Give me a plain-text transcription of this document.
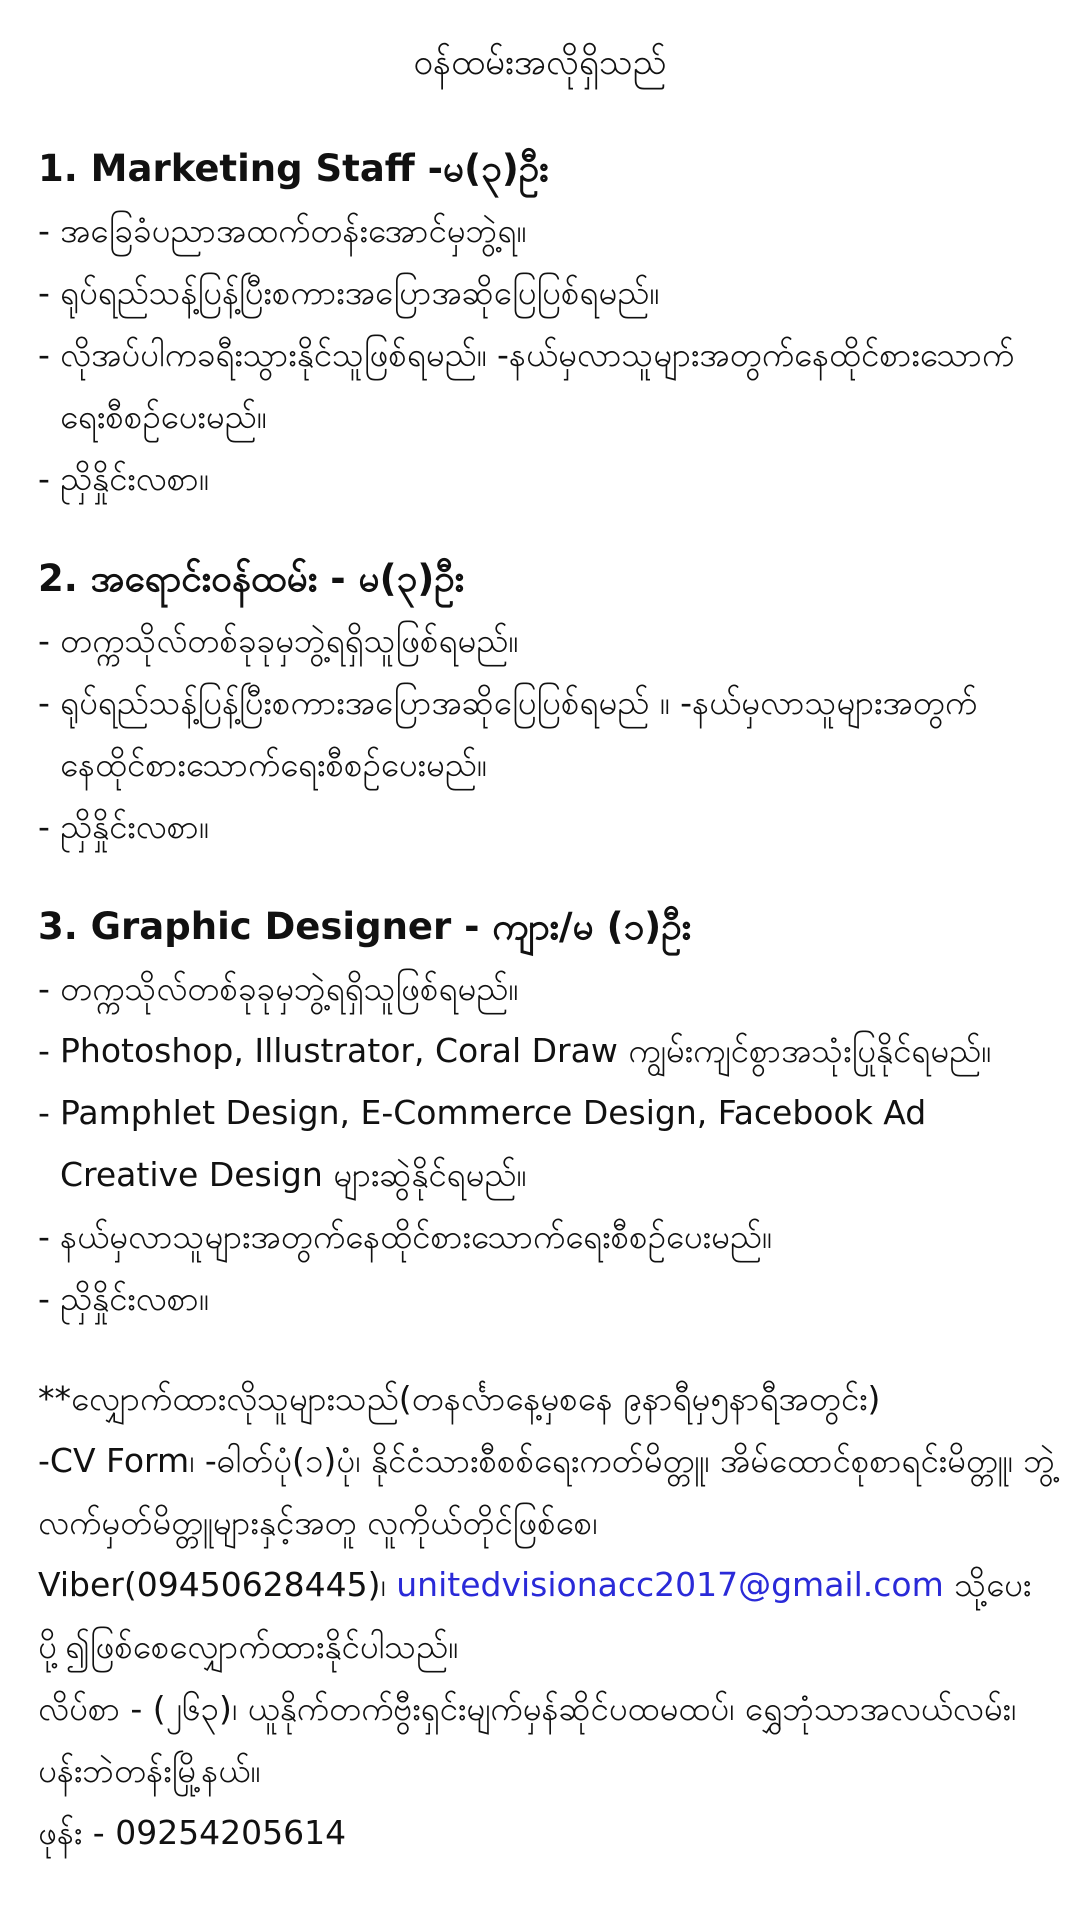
ဝန်ထမ်းအလိုရှိသည်
1. Marketing Staff -မ(၃)ဦး
- အခြေခံပညာအထက်တန်းအောင်မှဘွဲ့ရ။
- ရုပ်ရည်သန့်ပြန့်ပြီးစကားအပြောအဆိုပြေပြစ်ရမည်။
- လိုအပ်ပါကခရီးသွားနိုင်သူဖြစ်ရမည်။ -နယ်မှလာသူများအတွက်နေထိုင်စားသောက်ရေးစီစဉ်ပေးမည်။
- ညှိနှိုင်းလစာ။
2. အရောင်းဝန်ထမ်း - မ(၃)ဦး
- တက္ကသိုလ်တစ်ခုခုမှဘွဲ့ရရှိသူဖြစ်ရမည်။
- ရုပ်ရည်သန့်ပြန့်ပြီးစကားအပြောအဆိုပြေပြစ်ရမည် ။ -နယ်မှလာသူများအတွက်နေထိုင်စားသောက်ရေးစီစဉ်ပေးမည်။
- ညှိနှိုင်းလစာ။
3. Graphic Designer - ကျား/မ (၁)ဦး
- တက္ကသိုလ်တစ်ခုခုမှဘွဲ့ရရှိသူဖြစ်ရမည်။
- Photoshop, Illustrator, Coral Draw ကျွမ်းကျင်စွာအသုံးပြုနိုင်ရမည်။
- Pamphlet Design, E-Commerce Design, Facebook Ad Creative Design များဆွဲနိုင်ရမည်။
- နယ်မှလာသူများအတွက်နေထိုင်စားသောက်ရေးစီစဉ်ပေးမည်။
- ညှိနှိုင်းလစာ။

**လျှောက်ထားလိုသူများသည်(တနင်္လာနေ့မှစနေ ၉နာရီမှ၅နာရီအတွင်း)

-CV Form၊ -ဓါတ်ပုံ(၁)ပုံ၊ နိုင်ငံသားစီစစ်ရေးကတ်မိတ္တူ၊ အိမ်ထောင်စုစာရင်းမိတ္တူ၊ ဘွဲ့လက်မှတ်မိတ္တူများနှင့်အတူ လူကိုယ်တိုင်ဖြစ်စေ၊

Viber(09450628445)၊ unitedvisionacc2017@gmail.com သို့ပေးပို့၍ဖြစ်စေလျှောက်ထားနိုင်ပါသည်။

လိပ်စာ - (၂၆၃)၊ ယူနိုက်တက်ဗွီးရှင်းမျက်မှန်ဆိုင်ပထမထပ်၊ ရွှေဘုံသာအလယ်လမ်း၊ ပန်းဘဲတန်းမြို့နယ်။

ဖုန်း - 09254205614
